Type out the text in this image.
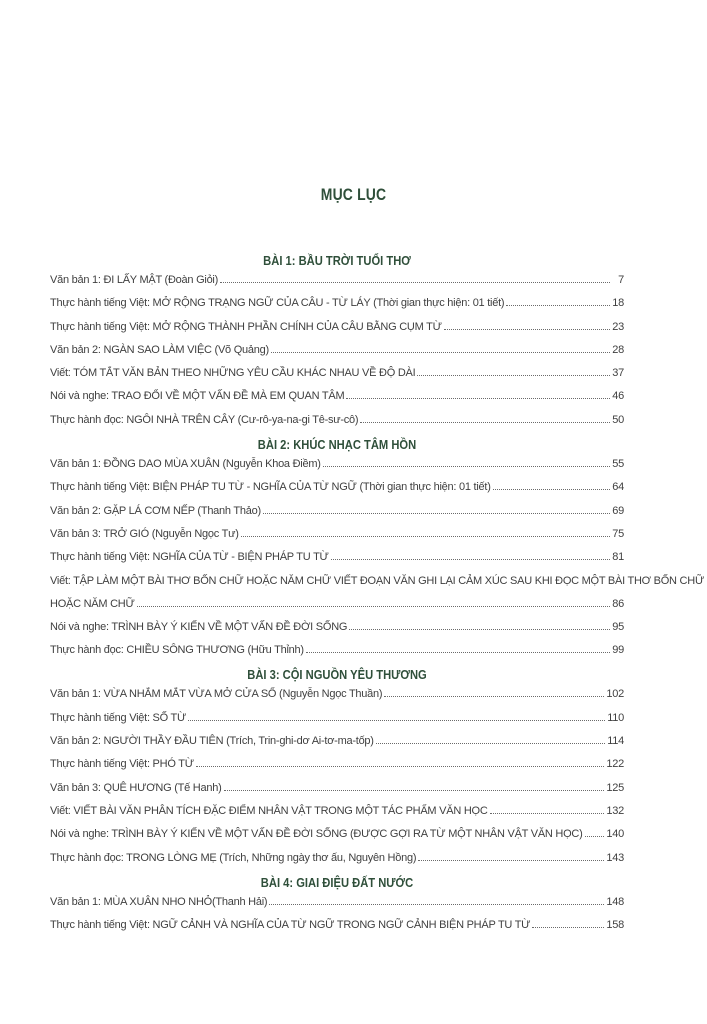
MỤC LỤC
BÀI 1: BẦU TRỜI TUỔI THƠ
Văn bản 1: ĐI LẤY MẬT (Đoàn Giỏi)	7
Thực hành tiếng Việt: MỞ RỘNG TRẠNG NGỮ CỦA CÂU - TỪ LÁY (Thời gian thực hiện: 01 tiết)	18
Thực hành tiếng Việt: MỞ RỘNG THÀNH PHẦN CHÍNH CỦA CÂU BẰNG CỤM TỪ	23
Văn bản 2: NGÀN SAO LÀM VIỆC (Võ Quảng)	28
Viết: TÓM TẮT VĂN BẢN THEO NHỮNG YÊU CẦU KHÁC NHAU VỀ ĐỘ DÀI	37
Nói và nghe: TRAO ĐỔI VỀ MỘT VẤN ĐỀ MÀ EM QUAN TÂM	46
Thực hành đọc: NGÔI NHÀ TRÊN CÂY (Cư-rô-ya-na-gi Tê-sư-cô)	50
BÀI 2: KHÚC NHẠC TÂM HỒN
Văn bản 1: ĐỒNG DAO MÙA XUÂN (Nguyễn Khoa Điềm)	55
Thực hành tiếng Việt: BIỆN PHÁP TU TỪ - NGHĨA CỦA TỪ NGỮ (Thời gian thực hiện: 01 tiết)	64
Văn bản 2: GẶP LÁ CƠM NẾP (Thanh Thảo)	69
Văn bản 3: TRỞ GIÓ (Nguyễn Ngọc Tư)	75
Thực hành tiếng Việt: NGHĨA CỦA TỪ - BIỆN PHÁP TU TỪ	81
Viết: TẬP LÀM MỘT BÀI THƠ BỐN CHỮ HOẶC NĂM CHỮ VIẾT ĐOẠN VĂN GHI LẠI CẢM XÚC SAU KHI ĐỌC MỘT BÀI THƠ BỐN CHỮ
HOẶC NĂM CHỮ	86
Nói và nghe: TRÌNH BÀY Ý KIẾN VỀ MỘT VẤN ĐỀ ĐỜI SỐNG	95
Thực hành đọc: CHIỀU SÔNG THƯƠNG (Hữu Thỉnh)	99
BÀI 3: CỘI NGUỒN YÊU THƯƠNG
Văn bản 1: VỪA NHẮM MẮT VỪA MỞ CỬA SỔ (Nguyễn Ngọc Thuần)	102
Thực hành tiếng Việt: SỐ TỪ	110
Văn bản 2: NGƯỜI THẦY ĐẦU TIÊN (Trích, Trin-ghi-dơ Ai-tơ-ma-tốp)	114
Thực hành tiếng Việt: PHÓ TỪ	122
Văn bản 3: QUÊ HƯƠNG (Tế Hanh)	125
Viết: VIẾT BÀI VĂN PHÂN TÍCH ĐẶC ĐIỂM NHÂN VẬT TRONG MỘT TÁC PHẨM VĂN HỌC	132
Nói và nghe: TRÌNH BÀY Ý KIẾN VỀ MỘT VẤN ĐỀ ĐỜI SỐNG (ĐƯỢC GỢI RA TỪ MỘT NHÂN VẬT VĂN HỌC) 140
Thực hành đọc: TRONG LÒNG MẸ (Trích, Những ngày thơ ấu, Nguyên Hồng)	143
BÀI 4: GIAI ĐIỆU ĐẤT NƯỚC
Văn bản 1: MÙA XUÂN NHO NHỎ(Thanh Hải)	148
Thực hành tiếng Việt: NGỮ CẢNH VÀ NGHĨA CỦA TỪ NGỮ TRONG NGỮ CẢNH BIỆN PHÁP TU TỪ	158
